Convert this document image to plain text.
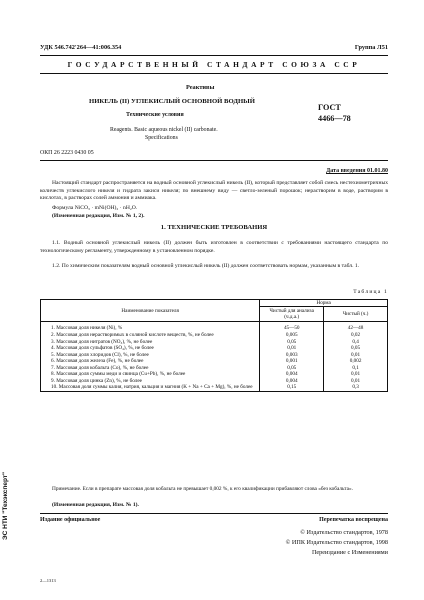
УДК 546.742'264—41:006.354	Группа Л51
ГОСУДАРСТВЕННЫЙ СТАНДАРТ СОЮЗА ССР
Реактивы
НИКЕЛЬ (II) УГЛЕКИСЛЫЙ ОСНОВНОЙ ВОДНЫЙ
ГОСТ
4466—78
Технические условия
Reagents. Basic aqueous nickel (II) carbonate.
Specifications
ОКП 26 2223 0430 05
Дата введения 01.01.80
Настоящий стандарт распространяется на водный основной углекислый никель (II), который представляет собой смесь нестехиометричных количеств углекислого никеля и гидрата закиси никеля; по внешнему виду — светло-зеленый порошок; нерастворим в воде, растворим в кислотах, в растворах солей аммония и аммиака.
Формула NiCO₃ · mNi(OH)₂ · nH₂O.
(Измененная редакция, Изм. № 1, 2).
1. ТЕХНИЧЕСКИЕ ТРЕБОВАНИЯ
1.1. Водный основной углекислый никель (II) должен быть изготовлен в соответствии с требованиями настоящего стандарта по технологическому регламенту, утвержденному в установленном порядке.
1.2. По химическим показателям водный основной углекислый никель (II) должен соответствовать нормам, указанным в табл. 1.
Таблица 1
Наименование показателя	Норма	
	Чистый для анализа (ч.д.а.)	Чистый (ч.)
1. Массовая доля никеля (Ni), %	45—50	42—48
2. Массовая доля нерастворимых в соляной кислоте веществ, %, не более	0,005	0,02
3. Массовая доля нитратов (NO₃), %, не более	0,05	0,4
4. Массовая доля сульфатов (SO₄), %, не более	0,01	0,05
5. Массовая доля хлоридов (Cl), %, не более	0,003	0,01
6. Массовая доля железа (Fe), %, не более	0,001	0,002
7. Массовая доля кобальта (Co), %, не более	0,05	0,1
8. Массовая доля суммы меди и свинца (Cu+Pb), %, не более	0,004	0,01
9. Массовая доля цинка (Zn), %, не более	0,004	0,01
10. Массовая доля суммы калия, натрия, кальция и магния (K + Na + Ca + Mg), %, не более	0,15	0,3
Примечание. Если в препарате массовая доля кобальта не превышает 0,002 %, к его квалификации прибавляют слова «без кобальта».
(Измененная редакция, Изм. № 1).
Издание официальное	Перепечатка воспрещена
© Издательство стандартов, 1978
© ИПК Издательство стандартов, 1998
Переиздание с Изменениями
2—1313
ЭС НТИ "Техэксперт"
